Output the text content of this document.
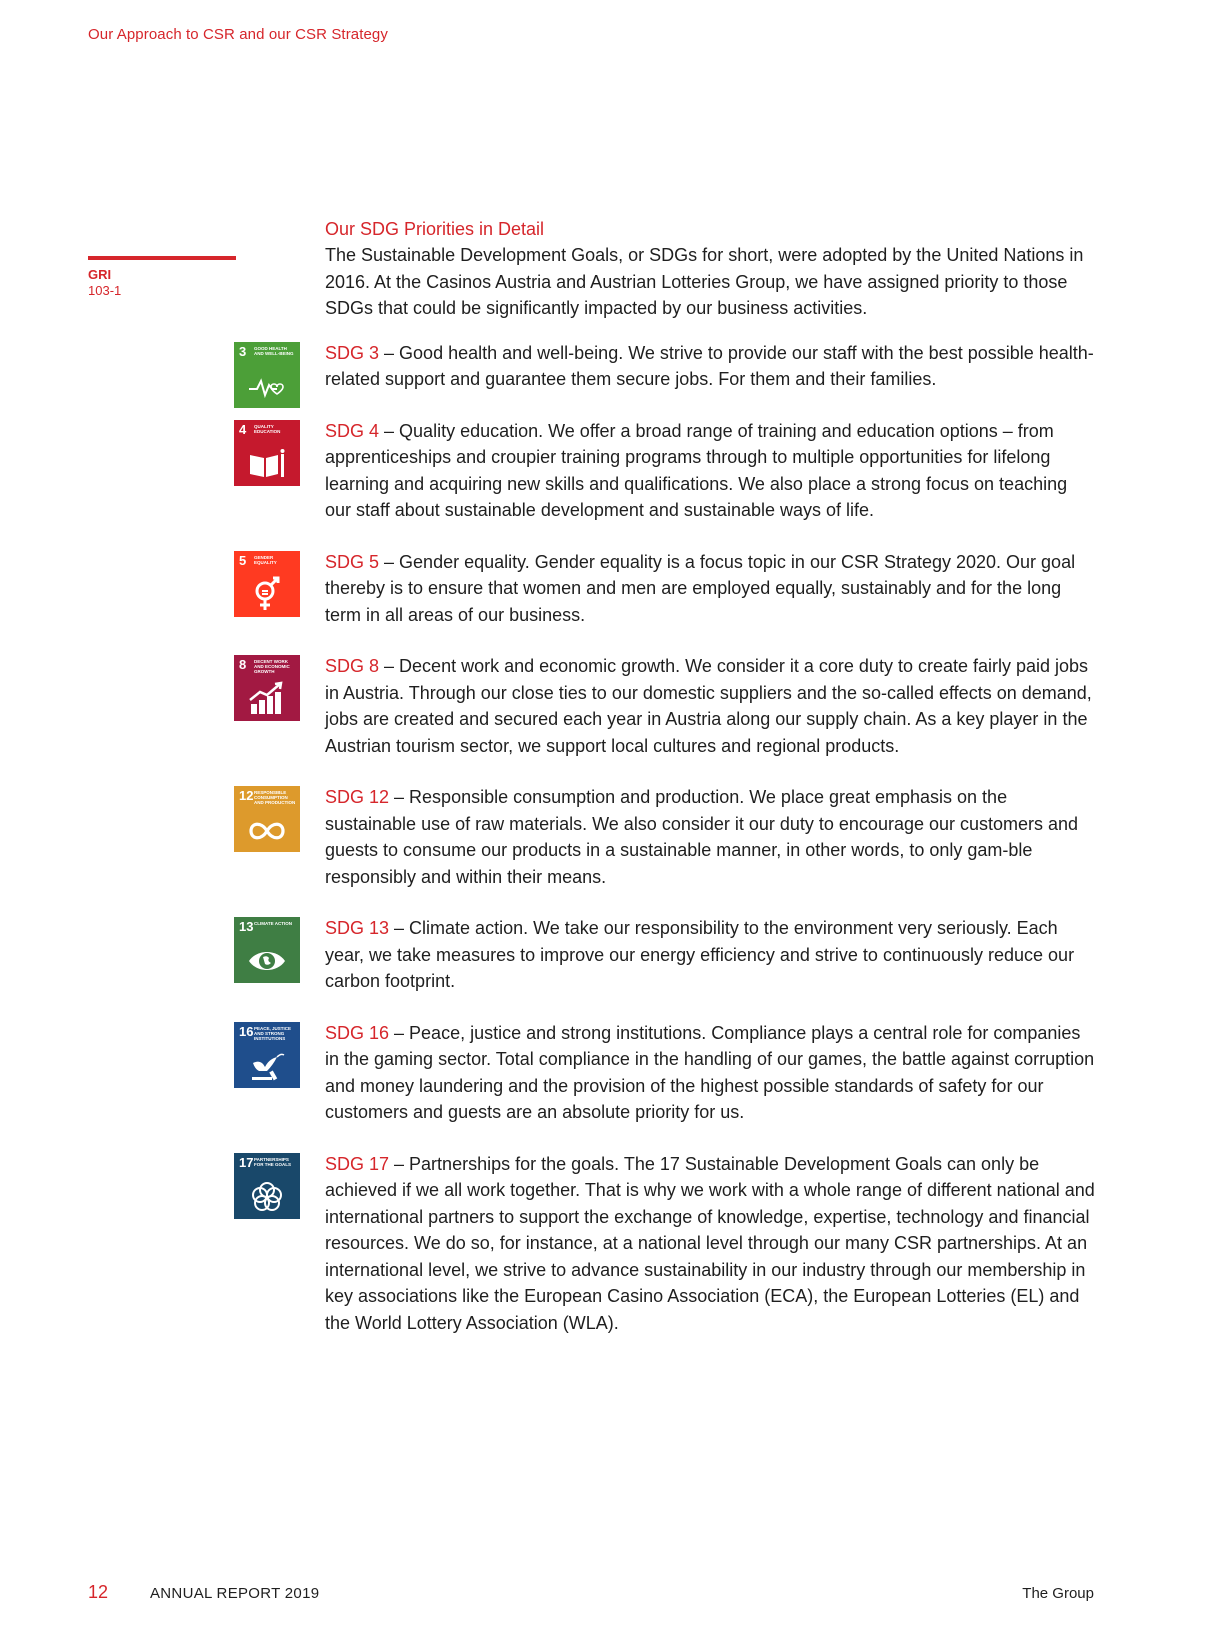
Our Approach to CSR and our CSR Strategy
GRI
103-1
Our SDG Priorities in Detail

The Sustainable Development Goals, or SDGs for short, were adopted by the United Nations in 2016. At the Casinos Austria and Austrian Lotteries Group, we have assigned priority to those SDGs that could be significantly impacted by our business activities.

3 GOOD HEALTH AND WELL-BEING SDG 3 – Good health and well-being. We strive to provide our staff with the best possible health-related support and guarantee them secure jobs. For them and their families.

4 QUALITY EDUCATION	SDG 4 – Quality education. We offer a broad range of training and education options – from apprenticeships and croupier training programs through to multiple opportunities for lifelong learning and acquiring new skills and qualifications. We also place a strong focus on teaching our staff about sustainable development and sustainable ways of life.

5 GENDER EQUALITY	SDG 5 – Gender equality. Gender equality is a focus topic in our CSR Strategy 2020. Our goal thereby is to ensure that women and men are employed equally, sustainably and for the long term in all areas of our business.

8 DECENT WORK AND ECONOMIC GROWTH	SDG 8 – Decent work and economic growth. We consider it a core duty to create fairly paid jobs in Austria. Through our close ties to our domestic suppliers and the so-called effects on demand, jobs are created and secured each year in Austria along our supply chain. As a key player in the Austrian tourism sector, we support local cultures and regional products.

12 RESPONSIBLE CONSUMPTION AND PRODUCTION SDG 12 – Responsible consumption and production. We place great emphasis on the sustainable use of raw materials. We also consider it our duty to encourage our customers and guests to consume our products in a sustainable manner, in other words, to only gam-ble responsibly and within their means.

13 CLIMATE ACTION SDG 13 – Climate action. We take our responsibility to the environment very seriously. Each year, we take measures to improve our energy efficiency and strive to continuously reduce our carbon footprint.

16 PEACE, JUSTICE AND STRONG INSTITUTIONS	SDG 16 – Peace, justice and strong institutions. Compliance plays a central role for companies in the gaming sector. Total compliance in the handling of our games, the battle against corruption and money laundering and the provision of the highest possible standards of safety for our customers and guests are an absolute priority for us.

17 PARTNERSHIPS FOR THE GOALS	SDG 17 – Partnerships for the goals. The 17 Sustainable Development Goals can only be achieved if we all work together. That is why we work with a whole range of different national and international partners to support the exchange of knowledge, expertise, technology and financial resources. We do so, for instance, at a national level through our many CSR partnerships. At an international level, we strive to advance sustainability in our industry through our membership in key associations like the European Casino Association (ECA), the European Lotteries (EL) and the World Lottery Association (WLA).

12	ANNUAL REPORT 2019	The Group
